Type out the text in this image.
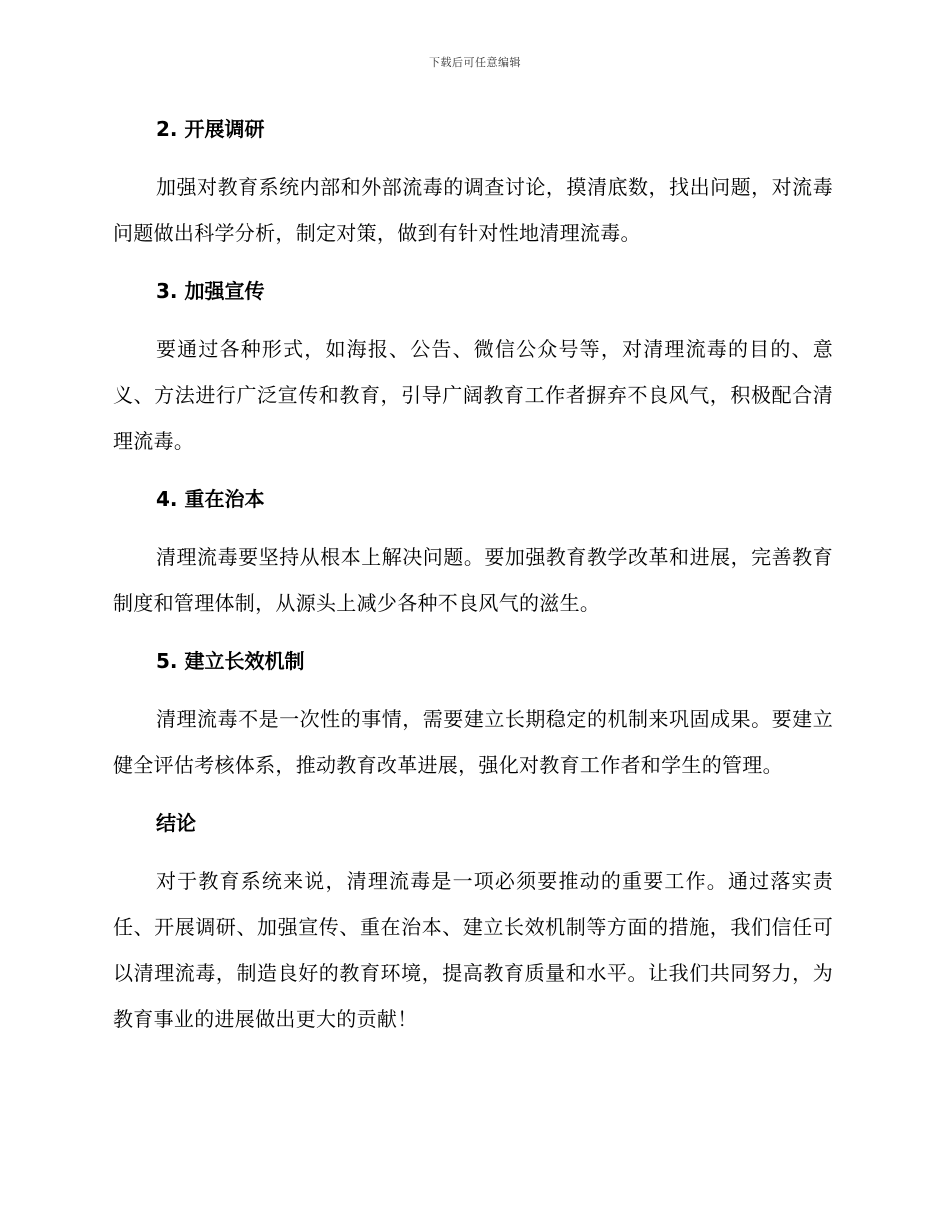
下载后可任意编辑
2. 开展调研

加强对教育系统内部和外部流毒的调查讨论，摸清底数，找出问题，对流毒问题做出科学分析，制定对策，做到有针对性地清理流毒。

3. 加强宣传

要通过各种形式，如海报、公告、微信公众号等，对清理流毒的目的、意义、方法进行广泛宣传和教育，引导广阔教育工作者摒弃不良风气，积极配合清理流毒。

4. 重在治本

清理流毒要坚持从根本上解决问题。要加强教育教学改革和进展，完善教育制度和管理体制，从源头上减少各种不良风气的滋生。

5. 建立长效机制

清理流毒不是一次性的事情，需要建立长期稳定的机制来巩固成果。要建立健全评估考核体系，推动教育改革进展，强化对教育工作者和学生的管理。

结论

对于教育系统来说，清理流毒是一项必须要推动的重要工作。通过落实责任、开展调研、加强宣传、重在治本、建立长效机制等方面的措施，我们信任可以清理流毒，制造良好的教育环境，提高教育质量和水平。让我们共同努力，为教育事业的进展做出更大的贡献！
